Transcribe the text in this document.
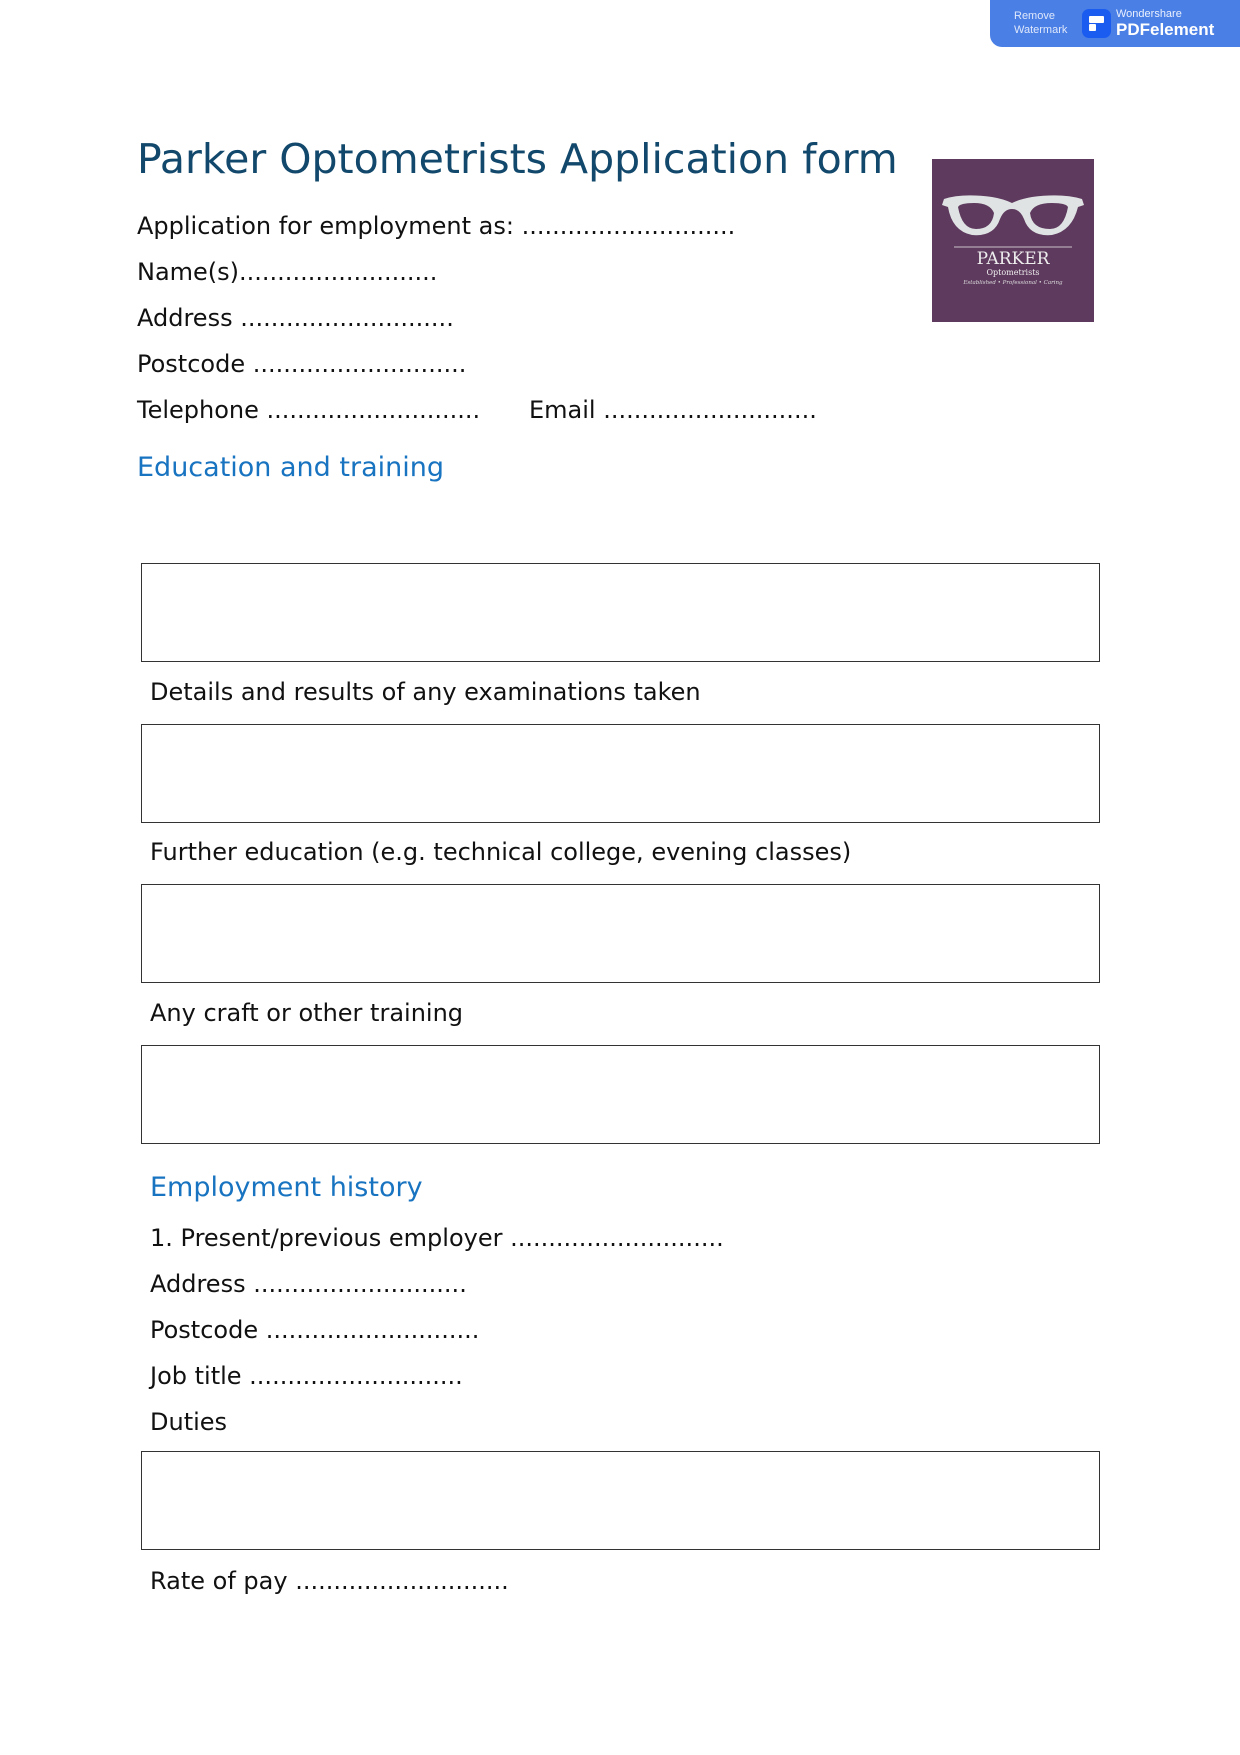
Remove
Watermark
Wondershare
PDFelement
Parker Optometrists Application form
PARKER
Optometrists
Established • Professional • Caring
Application for employment as: ............................
Name(s)..........................
Address ............................
Postcode ............................
Telephone ............................ Email ............................
Education and training
Details and results of any examinations taken
Further education (e.g. technical college, evening classes)
Any craft or other training
Employment history
1. Present/previous employer ............................
Address ............................
Postcode ............................
Job title ............................
Duties
Rate of pay ............................
